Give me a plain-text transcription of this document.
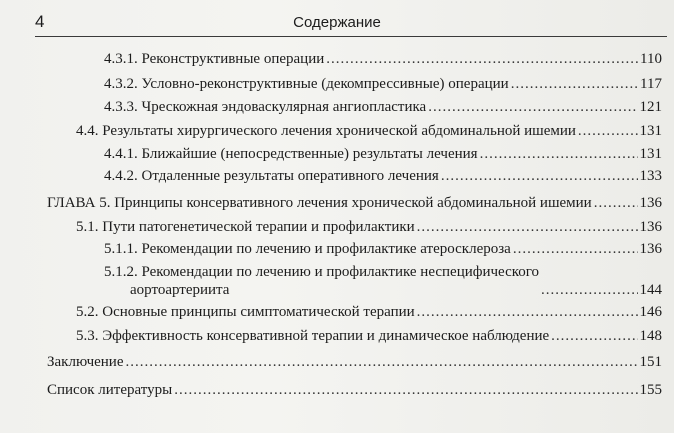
4	Содержание
4.3.1. Реконструктивные операции .....	110
4.3.2. Условно-реконструктивные (декомпрессивные) операции .....	117
4.3.3. Чрескожная эндоваскулярная ангиопластика .....	121
4.4. Результаты хирургического лечения хронической абдоминальной ишемии .....	131
4.4.1. Ближайшие (непосредственные) результаты лечения .....	131
4.4.2. Отдаленные результаты оперативного лечения .....	133
ГЛАВА 5. Принципы консервативного лечения хронической абдоминальной ишемии .....	136
5.1. Пути патогенетической терапии и профилактики .....	136
5.1.1. Рекомендации по лечению и профилактике атеросклероза .....	136
5.1.2. Рекомендации по лечению и профилактике неспецифического
аортоартериита .....	144
5.2. Основные принципы симптоматической терапии .....	146
5.3. Эффективность консервативной терапии и динамическое наблюдение .....	148
Заключение .....	151
Список литературы .....	155
